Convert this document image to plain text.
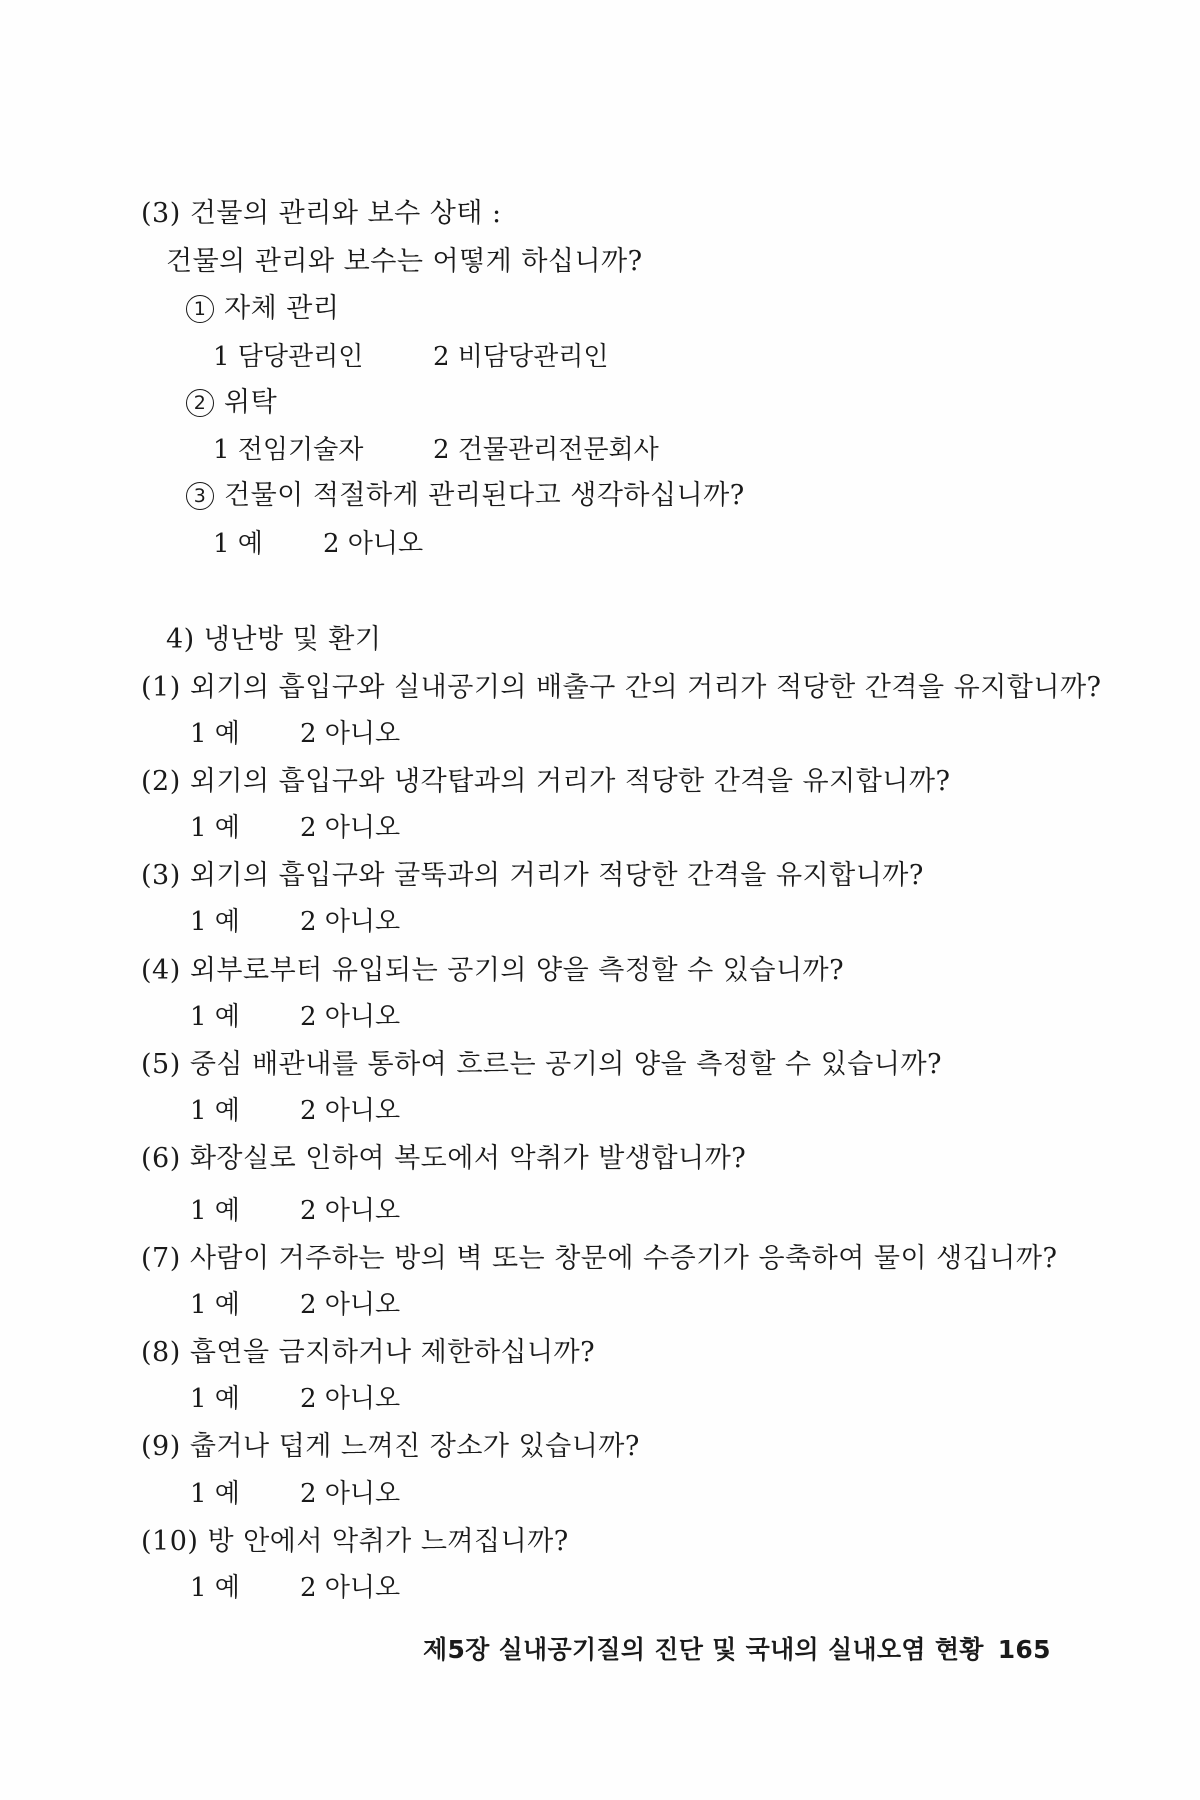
(3) 건물의 관리와 보수 상태 :
건물의 관리와 보수는 어떻게 하십니까?
1 자체 관리
1 담당관리인	2 비담당관리인
2 위탁
1 전임기술자	2 건물관리전문회사
3 건물이 적절하게 관리된다고 생각하십니까?
1 예 2 아니오
4) 냉난방 및 환기
(1) 외기의 흡입구와 실내공기의 배출구 간의 거리가 적당한 간격을 유지합니까?
1 예 2 아니오
(2) 외기의 흡입구와 냉각탑과의 거리가 적당한 간격을 유지합니까?
1 예 2 아니오
(3) 외기의 흡입구와 굴뚝과의 거리가 적당한 간격을 유지합니까?
1 예 2 아니오
(4) 외부로부터 유입되는 공기의 양을 측정할 수 있습니까?
1 예 2 아니오
(5) 중심 배관내를 통하여 흐르는 공기의 양을 측정할 수 있습니까?
1 예 2 아니오
(6) 화장실로 인하여 복도에서 악취가 발생합니까?
1 예 2 아니오
(7) 사람이 거주하는 방의 벽 또는 창문에 수증기가 응축하여 물이 생깁니까?
1 예 2 아니오
(8) 흡연을 금지하거나 제한하십니까?
1 예 2 아니오
(9) 춥거나 덥게 느껴진 장소가 있습니까?
1 예 2 아니오
(10) 방 안에서 악취가 느껴집니까?
1 예 2 아니오
제5장 실내공기질의 진단 및 국내의 실내오염 현황 165
